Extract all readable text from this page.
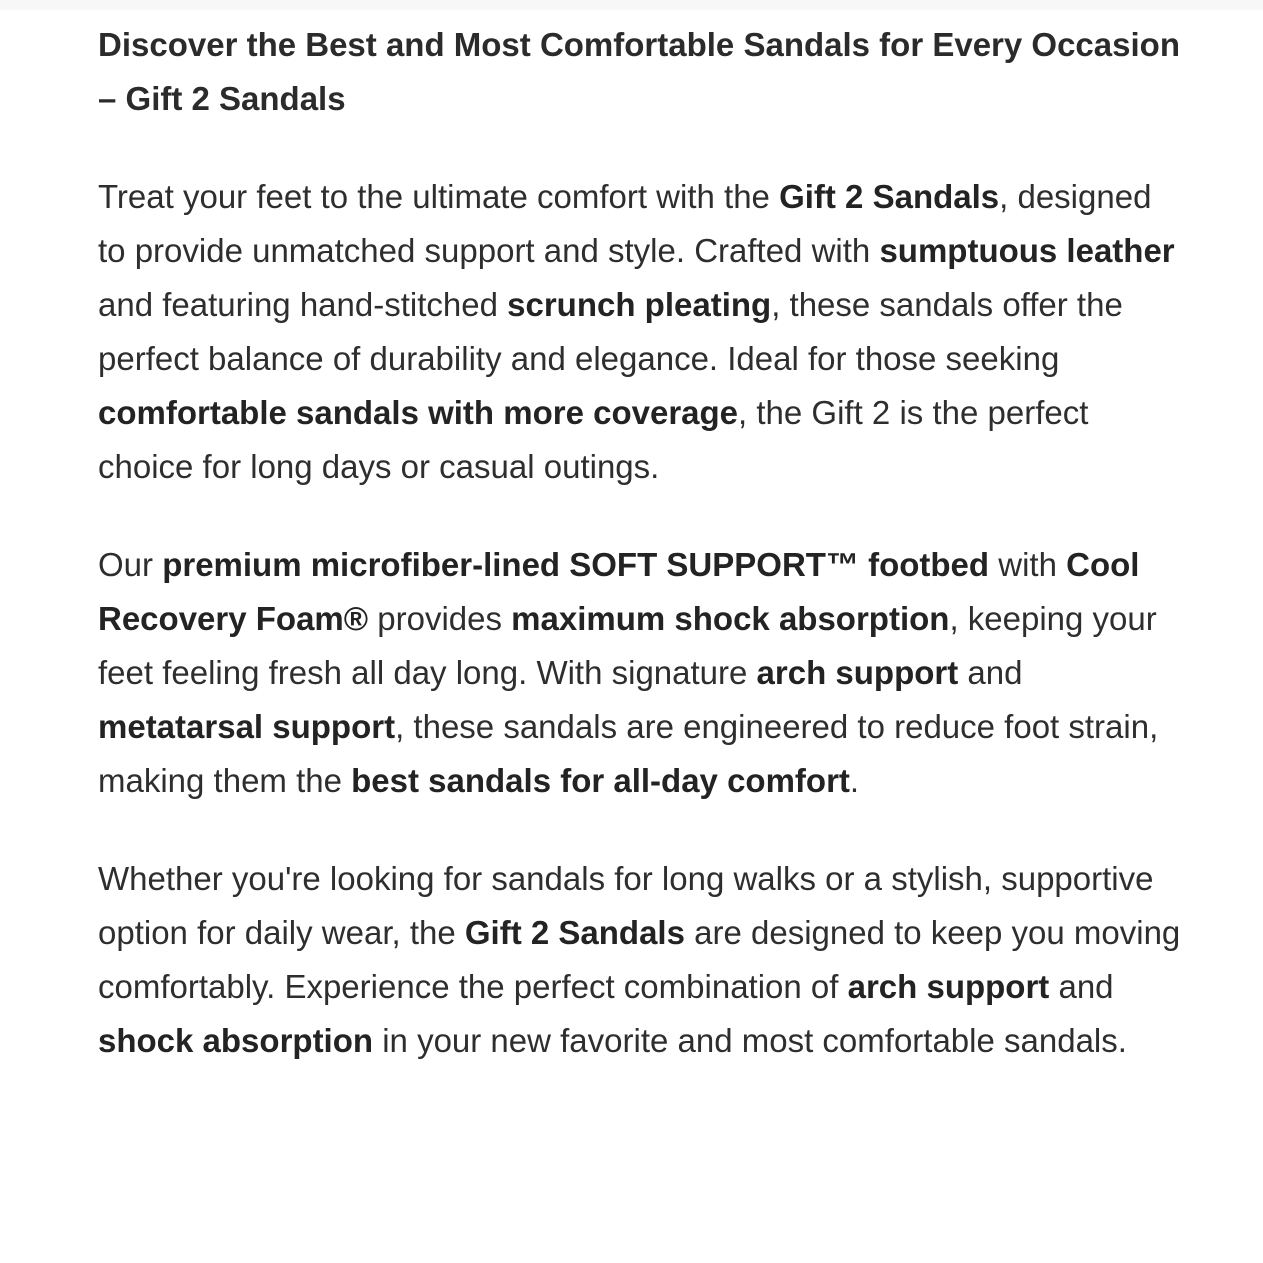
Discover the Best and Most Comfortable Sandals for Every Occasion – Gift 2 Sandals

Treat your feet to the ultimate comfort with the Gift 2 Sandals, designed to provide unmatched support and style. Crafted with sumptuous leather and featuring hand-stitched scrunch pleating, these sandals offer the perfect balance of durability and elegance. Ideal for those seeking comfortable sandals with more coverage, the Gift 2 is the perfect choice for long days or casual outings.

Our premium microfiber-lined SOFT SUPPORT™ footbed with Cool Recovery Foam® provides maximum shock absorption, keeping your feet feeling fresh all day long. With signature arch support and metatarsal support, these sandals are engineered to reduce foot strain, making them the best sandals for all-day comfort.

Whether you're looking for sandals for long walks or a stylish, supportive option for daily wear, the Gift 2 Sandals are designed to keep you moving comfortably. Experience the perfect combination of arch support and shock absorption in your new favorite and most comfortable sandals.
